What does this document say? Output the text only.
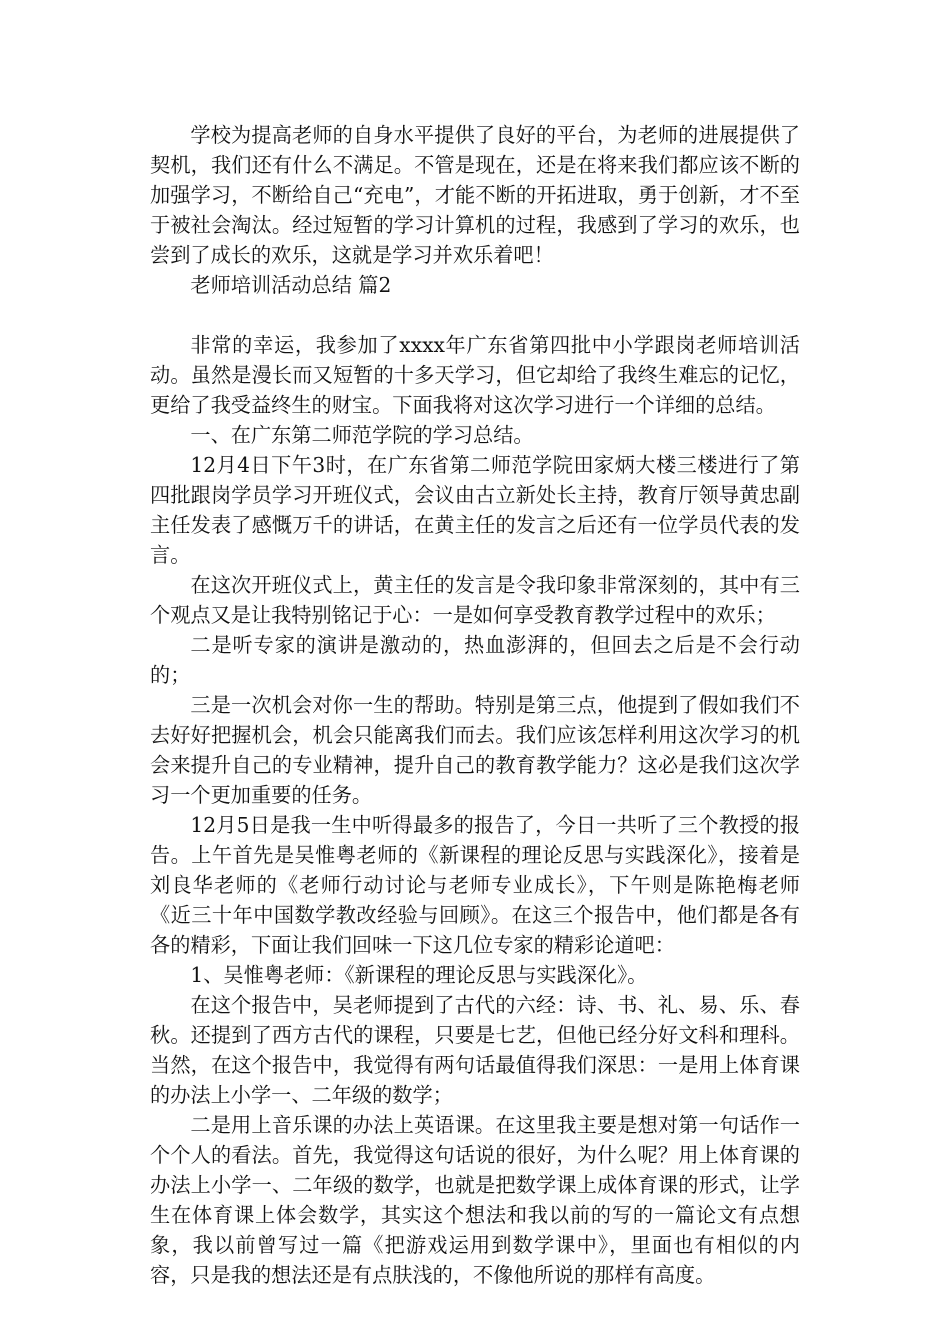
学校为提高老师的自身水平提供了良好的平台，为老师的进展提供了契机，我们还有什么不满足。不管是现在，还是在将来我们都应该不断的加强学习，不断给自己“充电”，才能不断的开拓进取，勇于创新，才不至于被社会淘汰。经过短暂的学习计算机的过程，我感到了学习的欢乐，也尝到了成长的欢乐，这就是学习并欢乐着吧！

老师培训活动总结 篇2

非常的幸运，我参加了xxxx年广东省第四批中小学跟岗老师培训活动。虽然是漫长而又短暂的十多天学习，但它却给了我终生难忘的记忆，更给了我受益终生的财宝。下面我将对这次学习进行一个详细的总结。

一、在广东第二师范学院的学习总结。

12月4日下午3时，在广东省第二师范学院田家炳大楼三楼进行了第四批跟岗学员学习开班仪式，会议由古立新处长主持，教育厅领导黄忠副主任发表了感慨万千的讲话，在黄主任的发言之后还有一位学员代表的发言。

在这次开班仪式上，黄主任的发言是令我印象非常深刻的，其中有三个观点又是让我特别铭记于心：一是如何享受教育教学过程中的欢乐；

二是听专家的演讲是激动的，热血澎湃的，但回去之后是不会行动的；

三是一次机会对你一生的帮助。特别是第三点，他提到了假如我们不去好好把握机会，机会只能离我们而去。我们应该怎样利用这次学习的机会来提升自己的专业精神，提升自己的教育教学能力？这必是我们这次学习一个更加重要的任务。

12月5日是我一生中听得最多的报告了，今日一共听了三个教授的报告。上午首先是吴惟粤老师的《新课程的理论反思与实践深化》，接着是刘良华老师的《老师行动讨论与老师专业成长》，下午则是陈艳梅老师《近三十年中国数学教改经验与回顾》。在这三个报告中，他们都是各有各的精彩，下面让我们回味一下这几位专家的精彩论道吧：

1、吴惟粤老师：《新课程的理论反思与实践深化》。

在这个报告中，吴老师提到了古代的六经：诗、书、礼、易、乐、春秋。还提到了西方古代的课程，只要是七艺，但他已经分好文科和理科。当然，在这个报告中，我觉得有两句话最值得我们深思：一是用上体育课的办法上小学一、二年级的数学；

二是用上音乐课的办法上英语课。在这里我主要是想对第一句话作一个个人的看法。首先，我觉得这句话说的很好，为什么呢？用上体育课的办法上小学一、二年级的数学，也就是把数学课上成体育课的形式，让学生在体育课上体会数学，其实这个想法和我以前的写的一篇论文有点想象，我以前曾写过一篇《把游戏运用到数学课中》，里面也有相似的内容，只是我的想法还是有点肤浅的，不像他所说的那样有高度。
